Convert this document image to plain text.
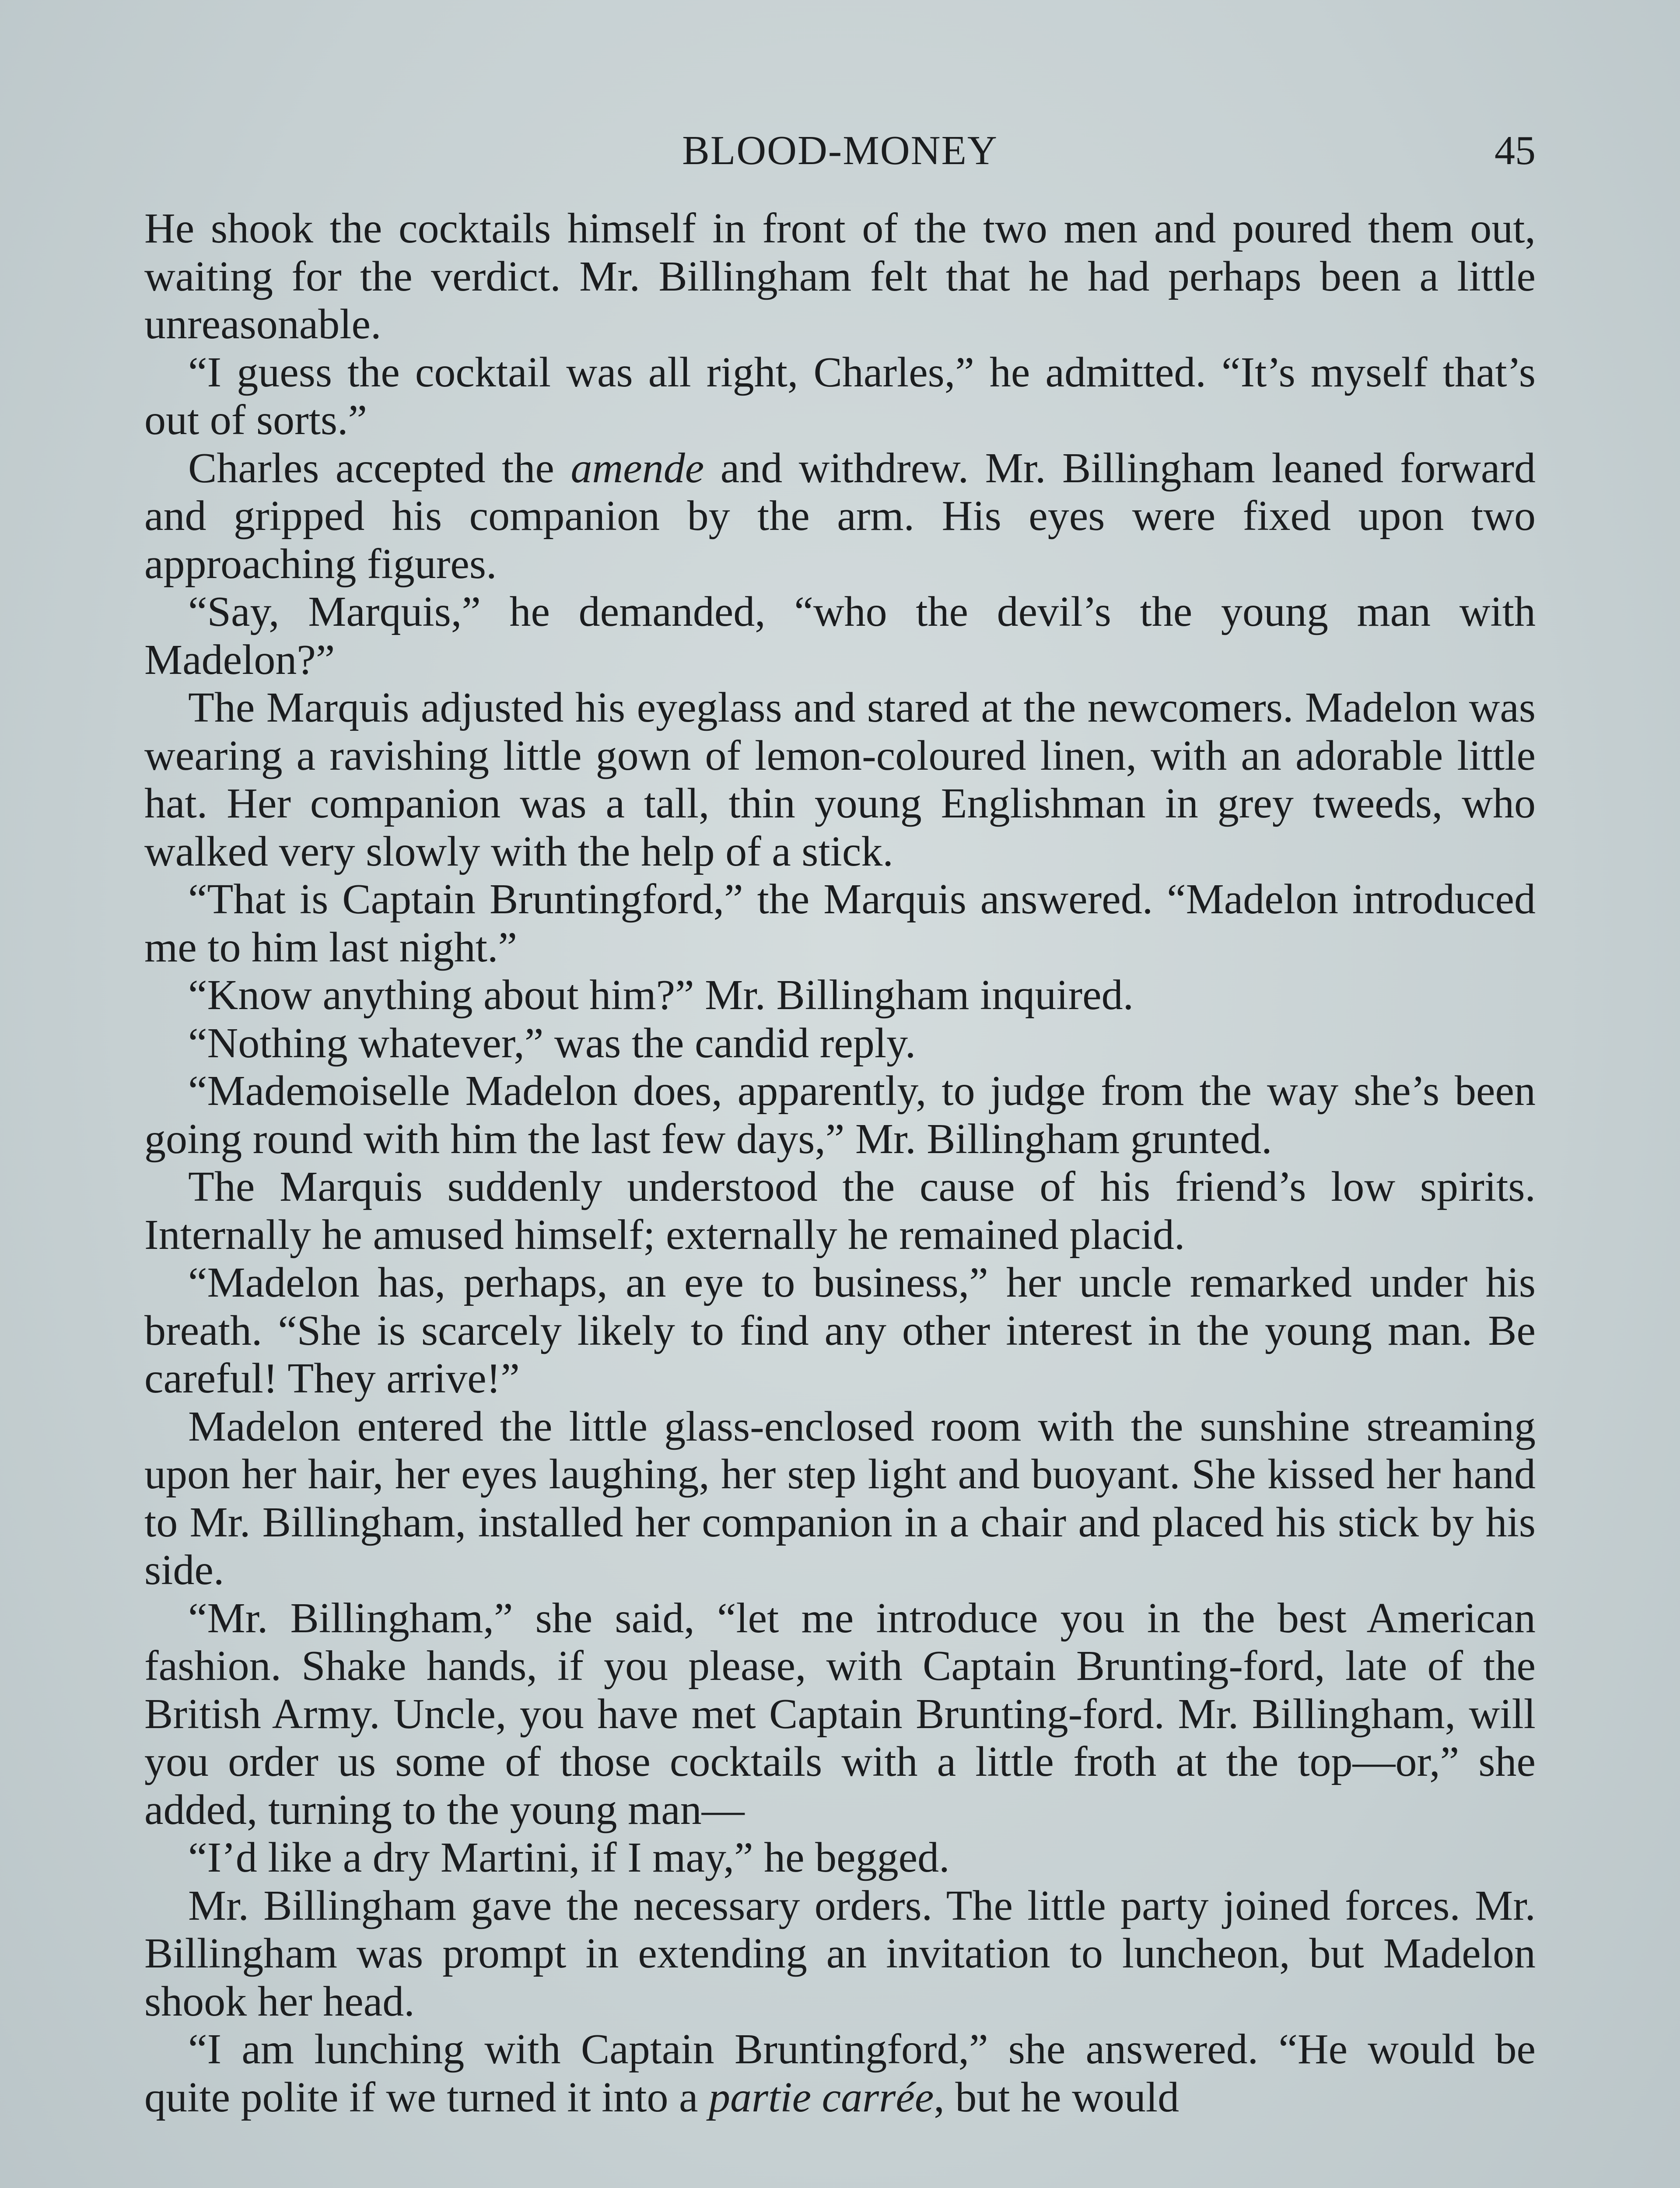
BLOOD-MONEY	45

He shook the cocktails himself in front of the two men and poured them out, waiting for the verdict. Mr. Billingham felt that he had perhaps been a little unreasonable.

“I guess the cocktail was all right, Charles,” he admitted. “It’s myself that’s out of sorts.”

Charles accepted the amende and withdrew. Mr. Billingham leaned forward and gripped his companion by the arm. His eyes were fixed upon two approaching figures.

“Say, Marquis,” he demanded, “who the devil’s the young man with Madelon?”

The Marquis adjusted his eyeglass and stared at the newcomers. Madelon was wearing a ravishing little gown of lemon-coloured linen, with an adorable little hat. Her companion was a tall, thin young Englishman in grey tweeds, who walked very slowly with the help of a stick.

“That is Captain Bruntingford,” the Marquis answered. “Madelon introduced me to him last night.”

“Know anything about him?” Mr. Billingham inquired.

“Nothing whatever,” was the candid reply.

“Mademoiselle Madelon does, apparently, to judge from the way she’s been going round with him the last few days,” Mr. Billingham grunted.

The Marquis suddenly understood the cause of his friend’s low spirits. Internally he amused himself; externally he remained placid.

“Madelon has, perhaps, an eye to business,” her uncle remarked under his breath. “She is scarcely likely to find any other interest in the young man. Be careful! They arrive!”

Madelon entered the little glass-enclosed room with the sunshine streaming upon her hair, her eyes laughing, her step light and buoyant. She kissed her hand to Mr. Billingham, installed her companion in a chair and placed his stick by his side.

“Mr. Billingham,” she said, “let me introduce you in the best American fashion. Shake hands, if you please, with Captain Brunting-ford, late of the British Army. Uncle, you have met Captain Brunting-ford. Mr. Billingham, will you order us some of those cocktails with a little froth at the top—or,” she added, turning to the young man—

“I’d like a dry Martini, if I may,” he begged.

Mr. Billingham gave the necessary orders. The little party joined forces. Mr. Billingham was prompt in extending an invitation to luncheon, but Madelon shook her head.

“I am lunching with Captain Bruntingford,” she answered. “He would be quite polite if we turned it into a partie carrée, but he would
